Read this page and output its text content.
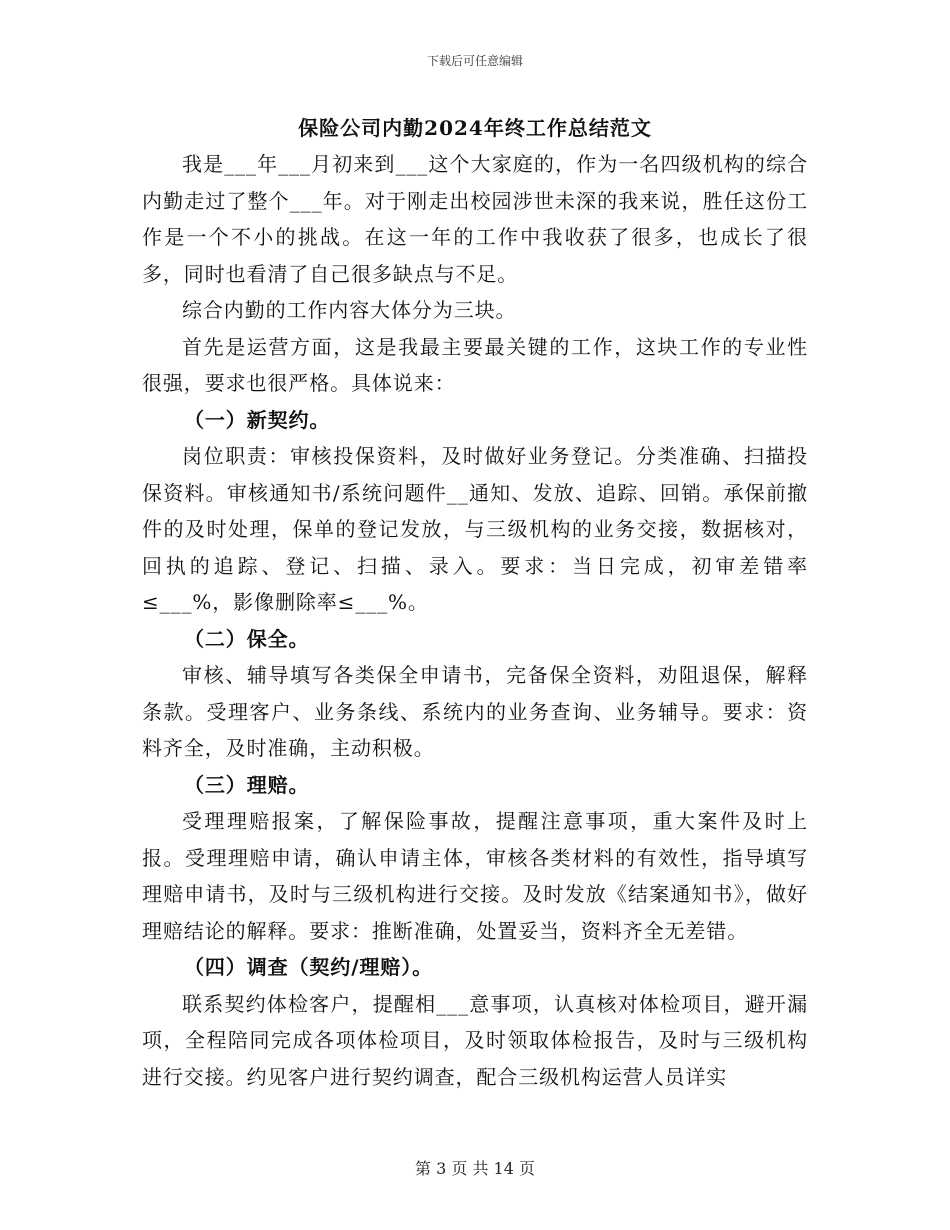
下载后可任意编辑
保险公司内勤2024年终工作总结范文

我是___年___月初来到___这个大家庭的，作为一名四级机构的综合内勤走过了整个___年。对于刚走出校园涉世未深的我来说，胜任这份工作是一个不小的挑战。在这一年的工作中我收获了很多，也成长了很多，同时也看清了自己很多缺点与不足。

综合内勤的工作内容大体分为三块。

首先是运营方面，这是我最主要最关键的工作，这块工作的专业性很强，要求也很严格。具体说来：

（一）新契约。

岗位职责：审核投保资料，及时做好业务登记。分类准确、扫描投保资料。审核通知书/系统问题件__通知、发放、追踪、回销。承保前撤件的及时处理，保单的登记发放，与三级机构的业务交接，数据核对，回执的追踪、登记、扫描、录入。要求：当日完成，初审差错率≤___%，影像删除率≤___%。

（二）保全。

审核、辅导填写各类保全申请书，完备保全资料，劝阻退保，解释条款。受理客户、业务条线、系统内的业务查询、业务辅导。要求：资料齐全，及时准确，主动积极。

（三）理赔。

受理理赔报案，了解保险事故，提醒注意事项，重大案件及时上报。受理理赔申请，确认申请主体，审核各类材料的有效性，指导填写理赔申请书，及时与三级机构进行交接。及时发放《结案通知书》，做好理赔结论的解释。要求：推断准确，处置妥当，资料齐全无差错。

（四）调查（契约/理赔）。

联系契约体检客户，提醒相___意事项，认真核对体检项目，避开漏项，全程陪同完成各项体检项目，及时领取体检报告，及时与三级机构进行交接。约见客户进行契约调查，配合三级机构运营人员详实

第 3 页 共 14 页
